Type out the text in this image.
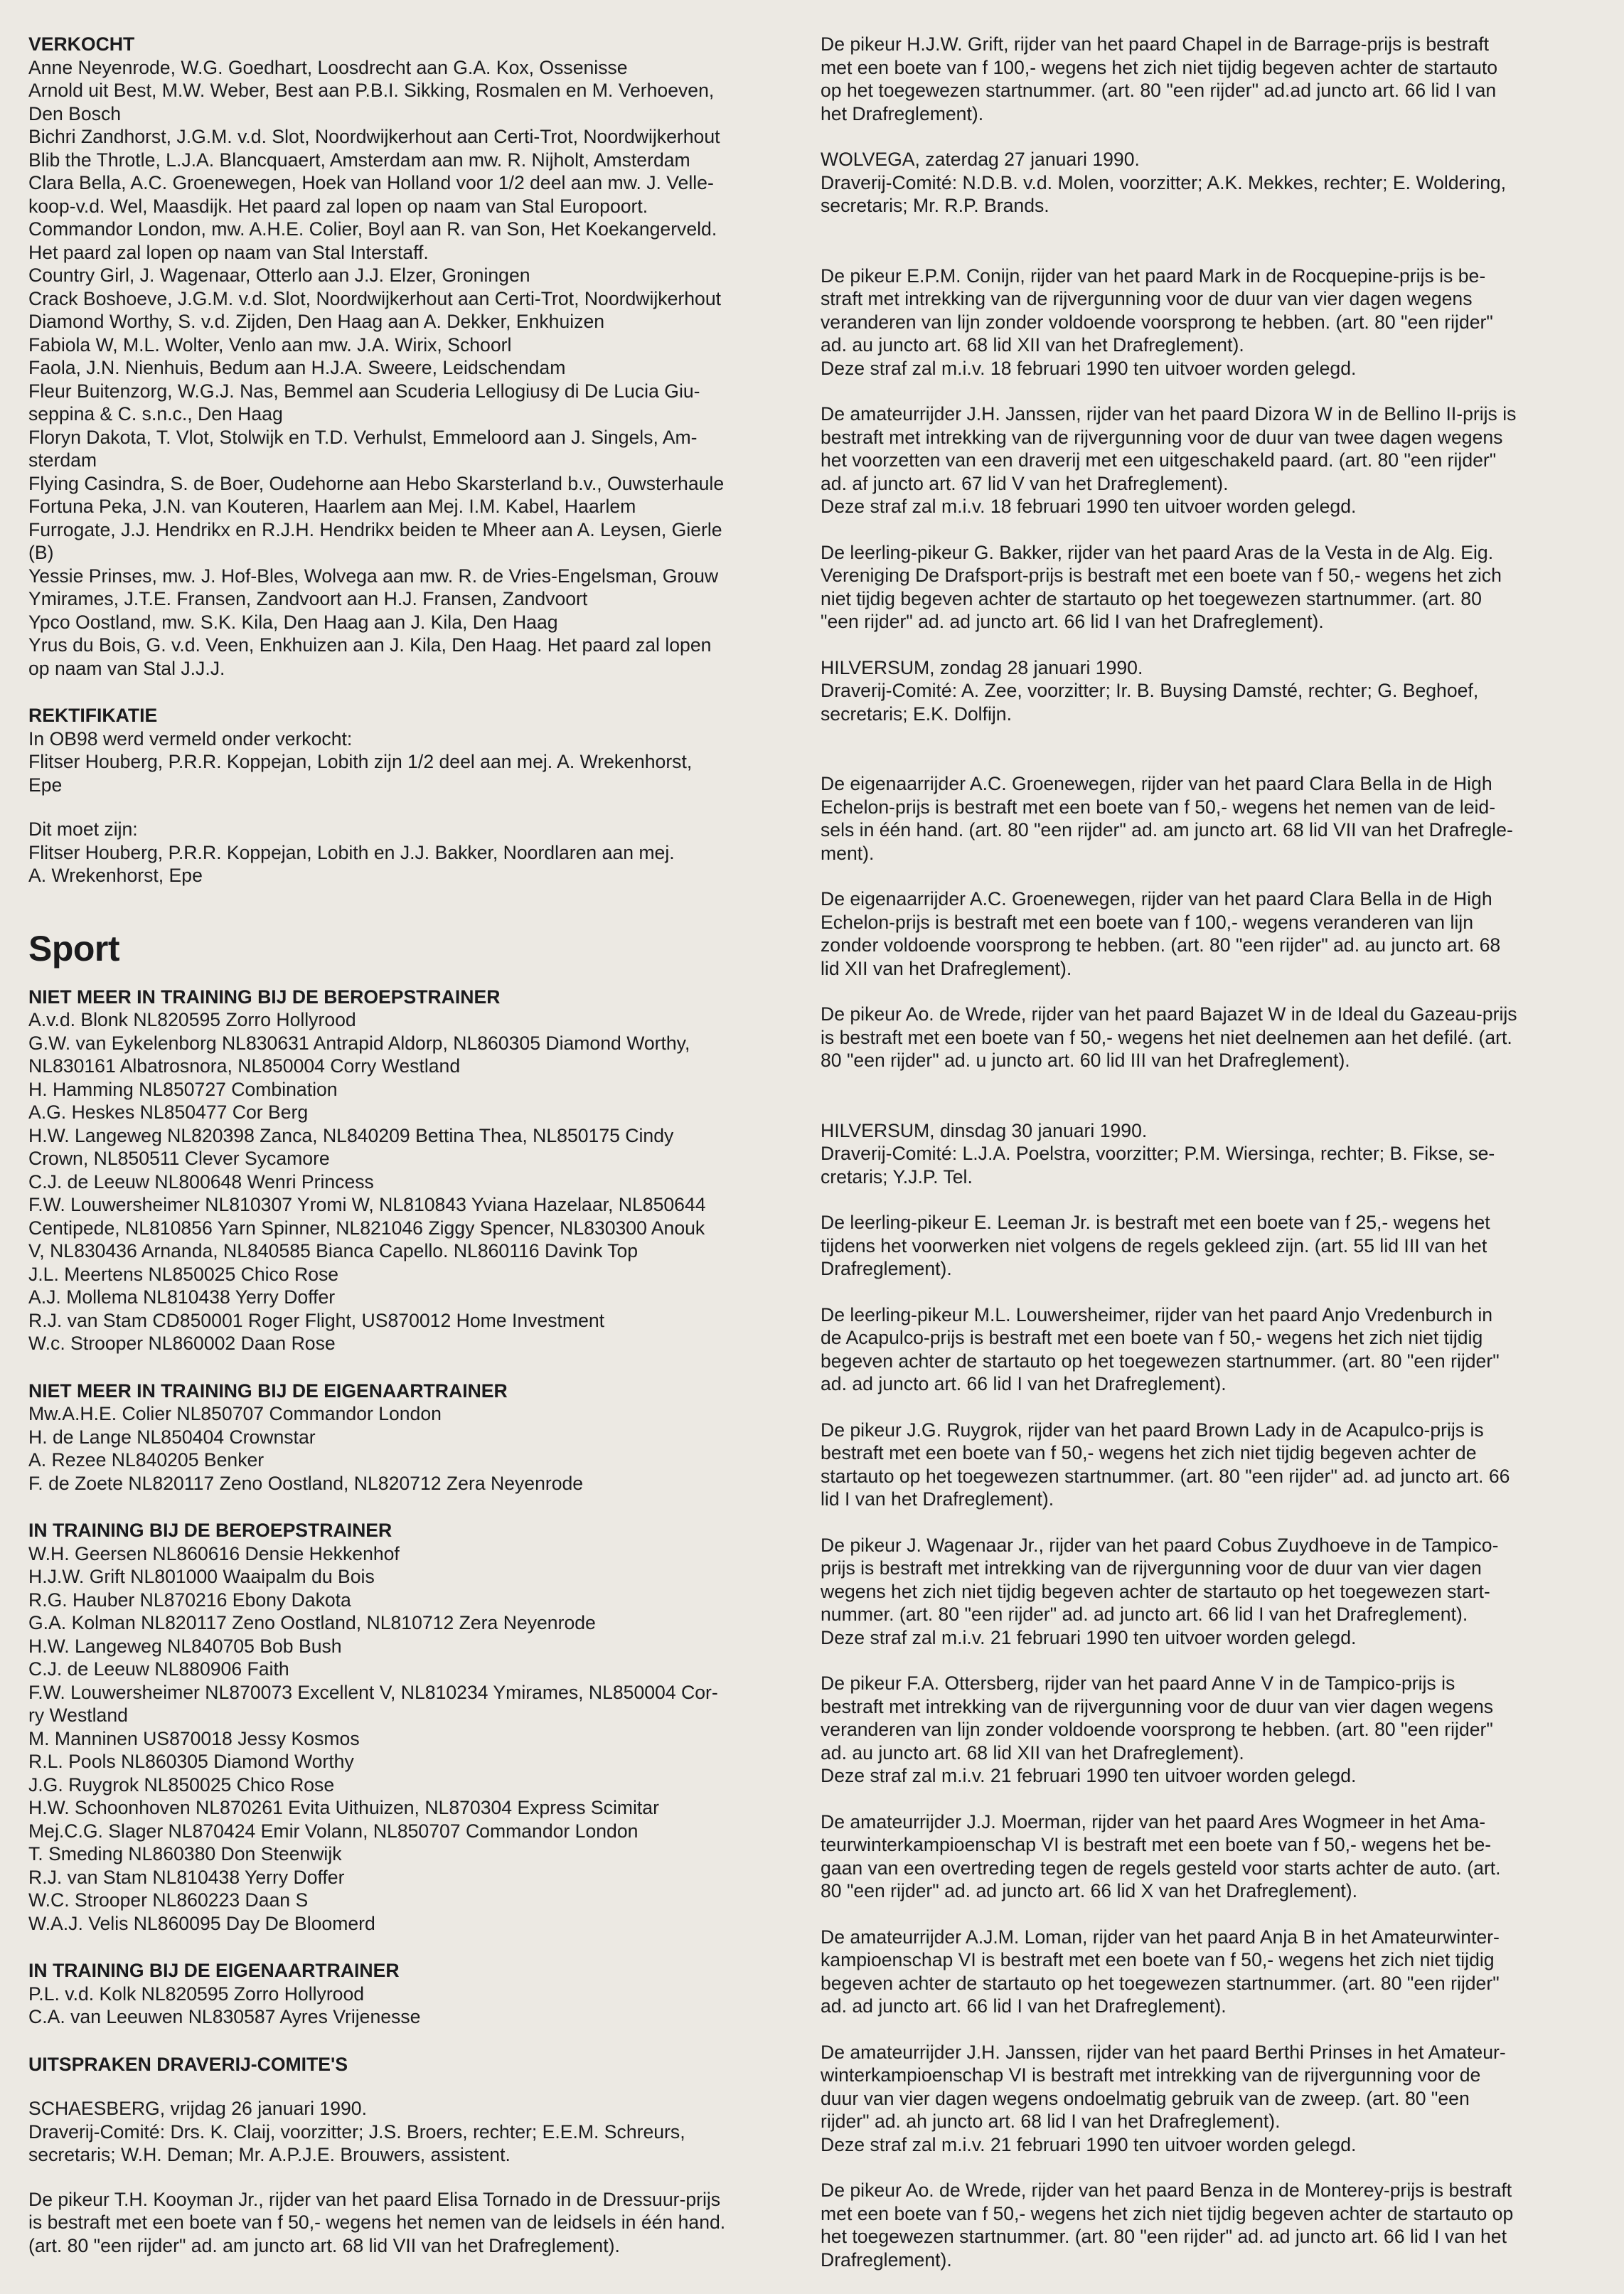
VERKOCHT
Anne Neyenrode, W.G. Goedhart, Loosdrecht aan G.A. Kox, Ossenisse
Arnold uit Best, M.W. Weber, Best aan P.B.I. Sikking, Rosmalen en M. Verhoeven,
Den Bosch
Bichri Zandhorst, J.G.M. v.d. Slot, Noordwijkerhout aan Certi-Trot, Noordwijkerhout
Blib the Throtle, L.J.A. Blancquaert, Amsterdam aan mw. R. Nijholt, Amsterdam
Clara Bella, A.C. Groenewegen, Hoek van Holland voor 1/2 deel aan mw. J. Velle-
koop-v.d. Wel, Maasdijk. Het paard zal lopen op naam van Stal Europoort.
Commandor London, mw. A.H.E. Colier, Boyl aan R. van Son, Het Koekangerveld.
Het paard zal lopen op naam van Stal Interstaff.
Country Girl, J. Wagenaar, Otterlo aan J.J. Elzer, Groningen
Crack Boshoeve, J.G.M. v.d. Slot, Noordwijkerhout aan Certi-Trot, Noordwijkerhout
Diamond Worthy, S. v.d. Zijden, Den Haag aan A. Dekker, Enkhuizen
Fabiola W, M.L. Wolter, Venlo aan mw. J.A. Wirix, Schoorl
Faola, J.N. Nienhuis, Bedum aan H.J.A. Sweere, Leidschendam
Fleur Buitenzorg, W.G.J. Nas, Bemmel aan Scuderia Lellogiusy di De Lucia Giu-
seppina & C. s.n.c., Den Haag
Floryn Dakota, T. Vlot, Stolwijk en T.D. Verhulst, Emmeloord aan J. Singels, Am-
sterdam
Flying Casindra, S. de Boer, Oudehorne aan Hebo Skarsterland b.v., Ouwsterhaule
Fortuna Peka, J.N. van Kouteren, Haarlem aan Mej. I.M. Kabel, Haarlem
Furrogate, J.J. Hendrikx en R.J.H. Hendrikx beiden te Mheer aan A. Leysen, Gierle
(B)
Yessie Prinses, mw. J. Hof-Bles, Wolvega aan mw. R. de Vries-Engelsman, Grouw
Ymirames, J.T.E. Fransen, Zandvoort aan H.J. Fransen, Zandvoort
Ypco Oostland, mw. S.K. Kila, Den Haag aan J. Kila, Den Haag
Yrus du Bois, G. v.d. Veen, Enkhuizen aan J. Kila, Den Haag. Het paard zal lopen
op naam van Stal J.J.J.
REKTIFIKATIE
In OB98 werd vermeld onder verkocht:
Flitser Houberg, P.R.R. Koppejan, Lobith zijn 1/2 deel aan mej. A. Wrekenhorst,
Epe
Dit moet zijn:
Flitser Houberg, P.R.R. Koppejan, Lobith en J.J. Bakker, Noordlaren aan mej.
A. Wrekenhorst, Epe
Sport
NIET MEER IN TRAINING BIJ DE BEROEPSTRAINER
A.v.d. Blonk NL820595 Zorro Hollyrood
G.W. van Eykelenborg NL830631 Antrapid Aldorp, NL860305 Diamond Worthy,
NL830161 Albatrosnora, NL850004 Corry Westland
H. Hamming NL850727 Combination
A.G. Heskes NL850477 Cor Berg
H.W. Langeweg NL820398 Zanca, NL840209 Bettina Thea, NL850175 Cindy
Crown, NL850511 Clever Sycamore
C.J. de Leeuw NL800648 Wenri Princess
F.W. Louwersheimer NL810307 Yromi W, NL810843 Yviana Hazelaar, NL850644
Centipede, NL810856 Yarn Spinner, NL821046 Ziggy Spencer, NL830300 Anouk
V, NL830436 Arnanda, NL840585 Bianca Capello. NL860116 Davink Top
J.L. Meertens NL850025 Chico Rose
A.J. Mollema NL810438 Yerry Doffer
R.J. van Stam CD850001 Roger Flight, US870012 Home Investment
W.c. Strooper NL860002 Daan Rose
NIET MEER IN TRAINING BIJ DE EIGENAARTRAINER
Mw.A.H.E. Colier NL850707 Commandor London
H. de Lange NL850404 Crownstar
A. Rezee NL840205 Benker
F. de Zoete NL820117 Zeno Oostland, NL820712 Zera Neyenrode
IN TRAINING BIJ DE BEROEPSTRAINER
W.H. Geersen NL860616 Densie Hekkenhof
H.J.W. Grift NL801000 Waaipalm du Bois
R.G. Hauber NL870216 Ebony Dakota
G.A. Kolman NL820117 Zeno Oostland, NL810712 Zera Neyenrode
H.W. Langeweg NL840705 Bob Bush
C.J. de Leeuw NL880906 Faith
F.W. Louwersheimer NL870073 Excellent V, NL810234 Ymirames, NL850004 Cor-
ry Westland
M. Manninen US870018 Jessy Kosmos
R.L. Pools NL860305 Diamond Worthy
J.G. Ruygrok NL850025 Chico Rose
H.W. Schoonhoven NL870261 Evita Uithuizen, NL870304 Express Scimitar
Mej.C.G. Slager NL870424 Emir Volann, NL850707 Commandor London
T. Smeding NL860380 Don Steenwijk
R.J. van Stam NL810438 Yerry Doffer
W.C. Strooper NL860223 Daan S
W.A.J. Velis NL860095 Day De Bloomerd
IN TRAINING BIJ DE EIGENAARTRAINER
P.L. v.d. Kolk NL820595 Zorro Hollyrood
C.A. van Leeuwen NL830587 Ayres Vrijenesse
UITSPRAKEN DRAVERIJ-COMITE'S
SCHAESBERG, vrijdag 26 januari 1990.
Draverij-Comité: Drs. K. Claij, voorzitter; J.S. Broers, rechter; E.E.M. Schreurs,
secretaris; W.H. Deman; Mr. A.P.J.E. Brouwers, assistent.
De pikeur T.H. Kooyman Jr., rijder van het paard Elisa Tornado in de Dressuur-prijs
is bestraft met een boete van f 50,- wegens het nemen van de leidsels in één hand.
(art. 80 "een rijder" ad. am juncto art. 68 lid VII van het Drafreglement).
De pikeur H.J.W. Grift, rijder van het paard Chapel in de Barrage-prijs is bestraft
met een boete van f 100,- wegens het zich niet tijdig begeven achter de startauto
op het toegewezen startnummer. (art. 80 "een rijder" ad.ad juncto art. 66 lid I van
het Drafreglement).
WOLVEGA, zaterdag 27 januari 1990.
Draverij-Comité: N.D.B. v.d. Molen, voorzitter; A.K. Mekkes, rechter; E. Woldering,
secretaris; Mr. R.P. Brands.
De pikeur E.P.M. Conijn, rijder van het paard Mark in de Rocquepine-prijs is be-
straft met intrekking van de rijvergunning voor de duur van vier dagen wegens
veranderen van lijn zonder voldoende voorsprong te hebben. (art. 80 "een rijder"
ad. au juncto art. 68 lid XII van het Drafreglement).
Deze straf zal m.i.v. 18 februari 1990 ten uitvoer worden gelegd.
De amateurrijder J.H. Janssen, rijder van het paard Dizora W in de Bellino II-prijs is
bestraft met intrekking van de rijvergunning voor de duur van twee dagen wegens
het voorzetten van een draverij met een uitgeschakeld paard. (art. 80 "een rijder"
ad. af juncto art. 67 lid V van het Drafreglement).
Deze straf zal m.i.v. 18 februari 1990 ten uitvoer worden gelegd.
De leerling-pikeur G. Bakker, rijder van het paard Aras de la Vesta in de Alg. Eig.
Vereniging De Drafsport-prijs is bestraft met een boete van f 50,- wegens het zich
niet tijdig begeven achter de startauto op het toegewezen startnummer. (art. 80
"een rijder" ad. ad juncto art. 66 lid I van het Drafreglement).
HILVERSUM, zondag 28 januari 1990.
Draverij-Comité: A. Zee, voorzitter; Ir. B. Buysing Damsté, rechter; G. Beghoef,
secretaris; E.K. Dolfijn.
De eigenaarrijder A.C. Groenewegen, rijder van het paard Clara Bella in de High
Echelon-prijs is bestraft met een boete van f 50,- wegens het nemen van de leid-
sels in één hand. (art. 80 "een rijder" ad. am juncto art. 68 lid VII van het Drafregle-
ment).
De eigenaarrijder A.C. Groenewegen, rijder van het paard Clara Bella in de High
Echelon-prijs is bestraft met een boete van f 100,- wegens veranderen van lijn
zonder voldoende voorsprong te hebben. (art. 80 "een rijder" ad. au juncto art. 68
lid XII van het Drafreglement).
De pikeur Ao. de Wrede, rijder van het paard Bajazet W in de Ideal du Gazeau-prijs
is bestraft met een boete van f 50,- wegens het niet deelnemen aan het defilé. (art.
80 "een rijder" ad. u juncto art. 60 lid III van het Drafreglement).
HILVERSUM, dinsdag 30 januari 1990.
Draverij-Comité: L.J.A. Poelstra, voorzitter; P.M. Wiersinga, rechter; B. Fikse, se-
cretaris; Y.J.P. Tel.
De leerling-pikeur E. Leeman Jr. is bestraft met een boete van f 25,- wegens het
tijdens het voorwerken niet volgens de regels gekleed zijn. (art. 55 lid III van het
Drafreglement).
De leerling-pikeur M.L. Louwersheimer, rijder van het paard Anjo Vredenburch in
de Acapulco-prijs is bestraft met een boete van f 50,- wegens het zich niet tijdig
begeven achter de startauto op het toegewezen startnummer. (art. 80 "een rijder"
ad. ad juncto art. 66 lid I van het Drafreglement).
De pikeur J.G. Ruygrok, rijder van het paard Brown Lady in de Acapulco-prijs is
bestraft met een boete van f 50,- wegens het zich niet tijdig begeven achter de
startauto op het toegewezen startnummer. (art. 80 "een rijder" ad. ad juncto art. 66
lid I van het Drafreglement).
De pikeur J. Wagenaar Jr., rijder van het paard Cobus Zuydhoeve in de Tampico-
prijs is bestraft met intrekking van de rijvergunning voor de duur van vier dagen
wegens het zich niet tijdig begeven achter de startauto op het toegewezen start-
nummer. (art. 80 "een rijder" ad. ad juncto art. 66 lid I van het Drafreglement).
Deze straf zal m.i.v. 21 februari 1990 ten uitvoer worden gelegd.
De pikeur F.A. Ottersberg, rijder van het paard Anne V in de Tampico-prijs is
bestraft met intrekking van de rijvergunning voor de duur van vier dagen wegens
veranderen van lijn zonder voldoende voorsprong te hebben. (art. 80 "een rijder"
ad. au juncto art. 68 lid XII van het Drafreglement).
Deze straf zal m.i.v. 21 februari 1990 ten uitvoer worden gelegd.
De amateurrijder J.J. Moerman, rijder van het paard Ares Wogmeer in het Ama-
teurwinterkampioenschap VI is bestraft met een boete van f 50,- wegens het be-
gaan van een overtreding tegen de regels gesteld voor starts achter de auto. (art.
80 "een rijder" ad. ad juncto art. 66 lid X van het Drafreglement).
De amateurrijder A.J.M. Loman, rijder van het paard Anja B in het Amateurwinter-
kampioenschap VI is bestraft met een boete van f 50,- wegens het zich niet tijdig
begeven achter de startauto op het toegewezen startnummer. (art. 80 "een rijder"
ad. ad juncto art. 66 lid I van het Drafreglement).
De amateurrijder J.H. Janssen, rijder van het paard Berthi Prinses in het Amateur-
winterkampioenschap VI is bestraft met intrekking van de rijvergunning voor de
duur van vier dagen wegens ondoelmatig gebruik van de zweep. (art. 80 "een
rijder" ad. ah juncto art. 68 lid I van het Drafreglement).
Deze straf zal m.i.v. 21 februari 1990 ten uitvoer worden gelegd.
De pikeur Ao. de Wrede, rijder van het paard Benza in de Monterey-prijs is bestraft
met een boete van f 50,- wegens het zich niet tijdig begeven achter de startauto op
het toegewezen startnummer. (art. 80 "een rijder" ad. ad juncto art. 66 lid I van het
Drafreglement).
